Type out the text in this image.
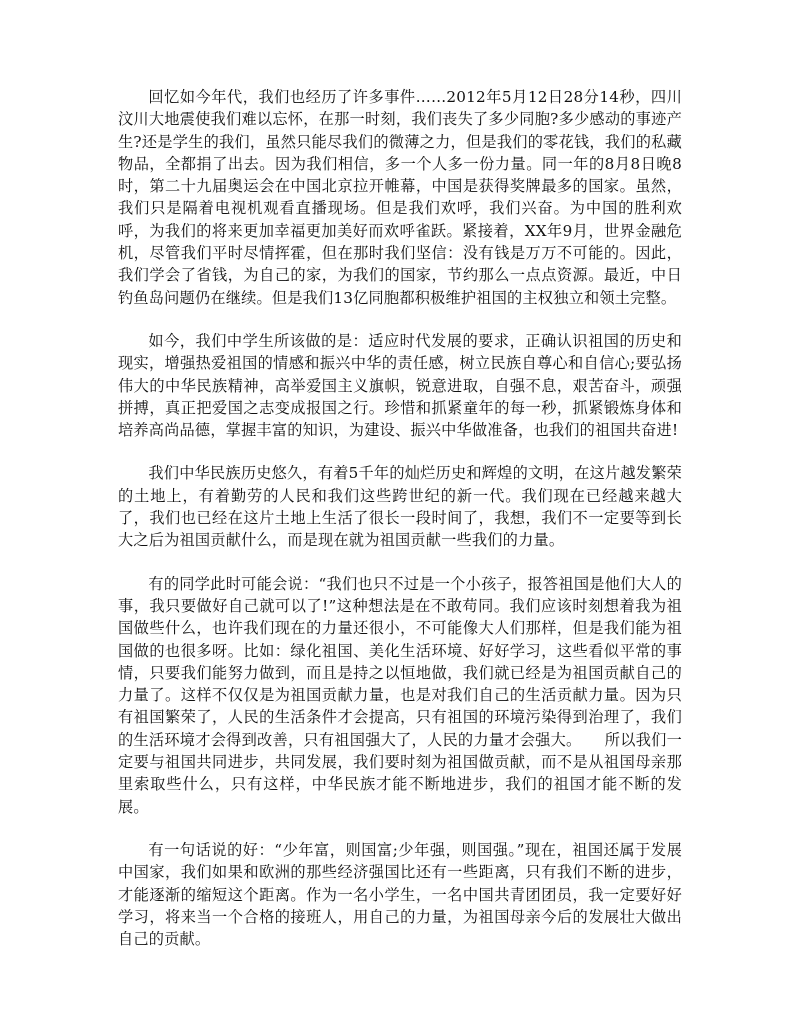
回忆如今年代，我们也经历了许多事件……2012年5月12日28分14秒，四川汶川大地震使我们难以忘怀，在那一时刻，我们丧失了多少同胞?多少感动的事迹产生?还是学生的我们，虽然只能尽我们的微薄之力，但是我们的零花钱，我们的私藏物品，全都捐了出去。因为我们相信，多一个人多一份力量。同一年的8月8日晚8时，第二十九届奥运会在中国北京拉开帷幕，中国是获得奖牌最多的国家。虽然，我们只是隔着电视机观看直播现场。但是我们欢呼，我们兴奋。为中国的胜利欢呼，为我们的将来更加幸福更加美好而欢呼雀跃。紧接着，XX年9月，世界金融危机，尽管我们平时尽情挥霍，但在那时我们坚信：没有钱是万万不可能的。因此，我们学会了省钱，为自己的家，为我们的国家，节约那么一点点资源。最近，中日钓鱼岛问题仍在继续。但是我们13亿同胞都积极维护祖国的主权独立和领土完整。

如今，我们中学生所该做的是：适应时代发展的要求，正确认识祖国的历史和现实，增强热爱祖国的情感和振兴中华的责任感，树立民族自尊心和自信心;要弘扬伟大的中华民族精神，高举爱国主义旗帜，锐意进取，自强不息，艰苦奋斗，顽强拼搏，真正把爱国之志变成报国之行。珍惜和抓紧童年的每一秒，抓紧锻炼身体和培养高尚品德，掌握丰富的知识，为建设、振兴中华做准备，也我们的祖国共奋进!

我们中华民族历史悠久，有着5千年的灿烂历史和辉煌的文明，在这片越发繁荣的土地上，有着勤劳的人民和我们这些跨世纪的新一代。我们现在已经越来越大了，我们也已经在这片土地上生活了很长一段时间了，我想，我们不一定要等到长大之后为祖国贡献什么，而是现在就为祖国贡献一些我们的力量。

有的同学此时可能会说：“我们也只不过是一个小孩子，报答祖国是他们大人的事，我只要做好自己就可以了!”这种想法是在不敢苟同。我们应该时刻想着我为祖国做些什么，也许我们现在的力量还很小，不可能像大人们那样，但是我们能为祖国做的也很多呀。比如：绿化祖国、美化生活环境、好好学习，这些看似平常的事情，只要我们能努力做到，而且是持之以恒地做，我们就已经是为祖国贡献自己的力量了。这样不仅仅是为祖国贡献力量，也是对我们自己的生活贡献力量。因为只有祖国繁荣了，人民的生活条件才会提高，只有祖国的环境污染得到治理了，我们的生活环境才会得到改善，只有祖国强大了，人民的力量才会强大。　　所以我们一定要与祖国共同进步，共同发展，我们要时刻为祖国做贡献，而不是从祖国母亲那里索取些什么，只有这样，中华民族才能不断地进步，我们的祖国才能不断的发展。

有一句话说的好：“少年富，则国富;少年强，则国强。”现在，祖国还属于发展中国家，我们如果和欧洲的那些经济强国比还有一些距离，只有我们不断的进步，才能逐渐的缩短这个距离。作为一名小学生，一名中国共青团团员，我一定要好好学习，将来当一个合格的接班人，用自己的力量，为祖国母亲今后的发展壮大做出自己的贡献。
